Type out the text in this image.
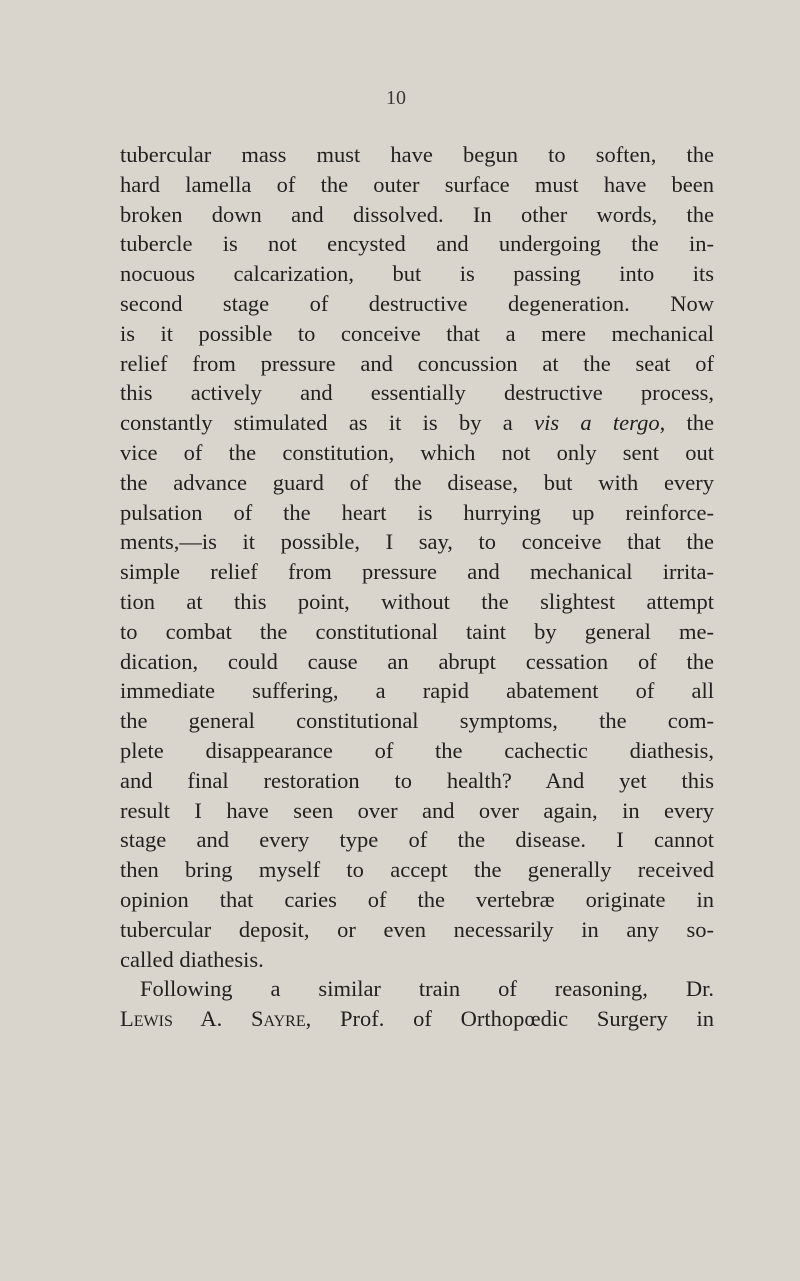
10
tubercular mass must have begun to soften, the
hard lamella of the outer surface must have been
broken down and dissolved. In other words, the
tubercle is not encysted and undergoing the in-
nocuous calcarization, but is passing into its
second stage of destructive degeneration. Now
is it possible to conceive that a mere mechanical
relief from pressure and concussion at the seat of
this actively and essentially destructive process,
constantly stimulated as it is by a vis a tergo, the
vice of the constitution, which not only sent out
the advance guard of the disease, but with every
pulsation of the heart is hurrying up reinforce-
ments,—is it possible, I say, to conceive that the
simple relief from pressure and mechanical irrita-
tion at this point, without the slightest attempt
to combat the constitutional taint by general me-
dication, could cause an abrupt cessation of the
immediate suffering, a rapid abatement of all
the general constitutional symptoms, the com-
plete disappearance of the cachectic diathesis,
and final restoration to health? And yet this
result I have seen over and over again, in every
stage and every type of the disease. I cannot
then bring myself to accept the generally received
opinion that caries of the vertebræ originate in
tubercular deposit, or even necessarily in any so-
called diathesis.
Following a similar train of reasoning, Dr.
Lewis A. Sayre, Prof. of Orthopœdic Surgery in
